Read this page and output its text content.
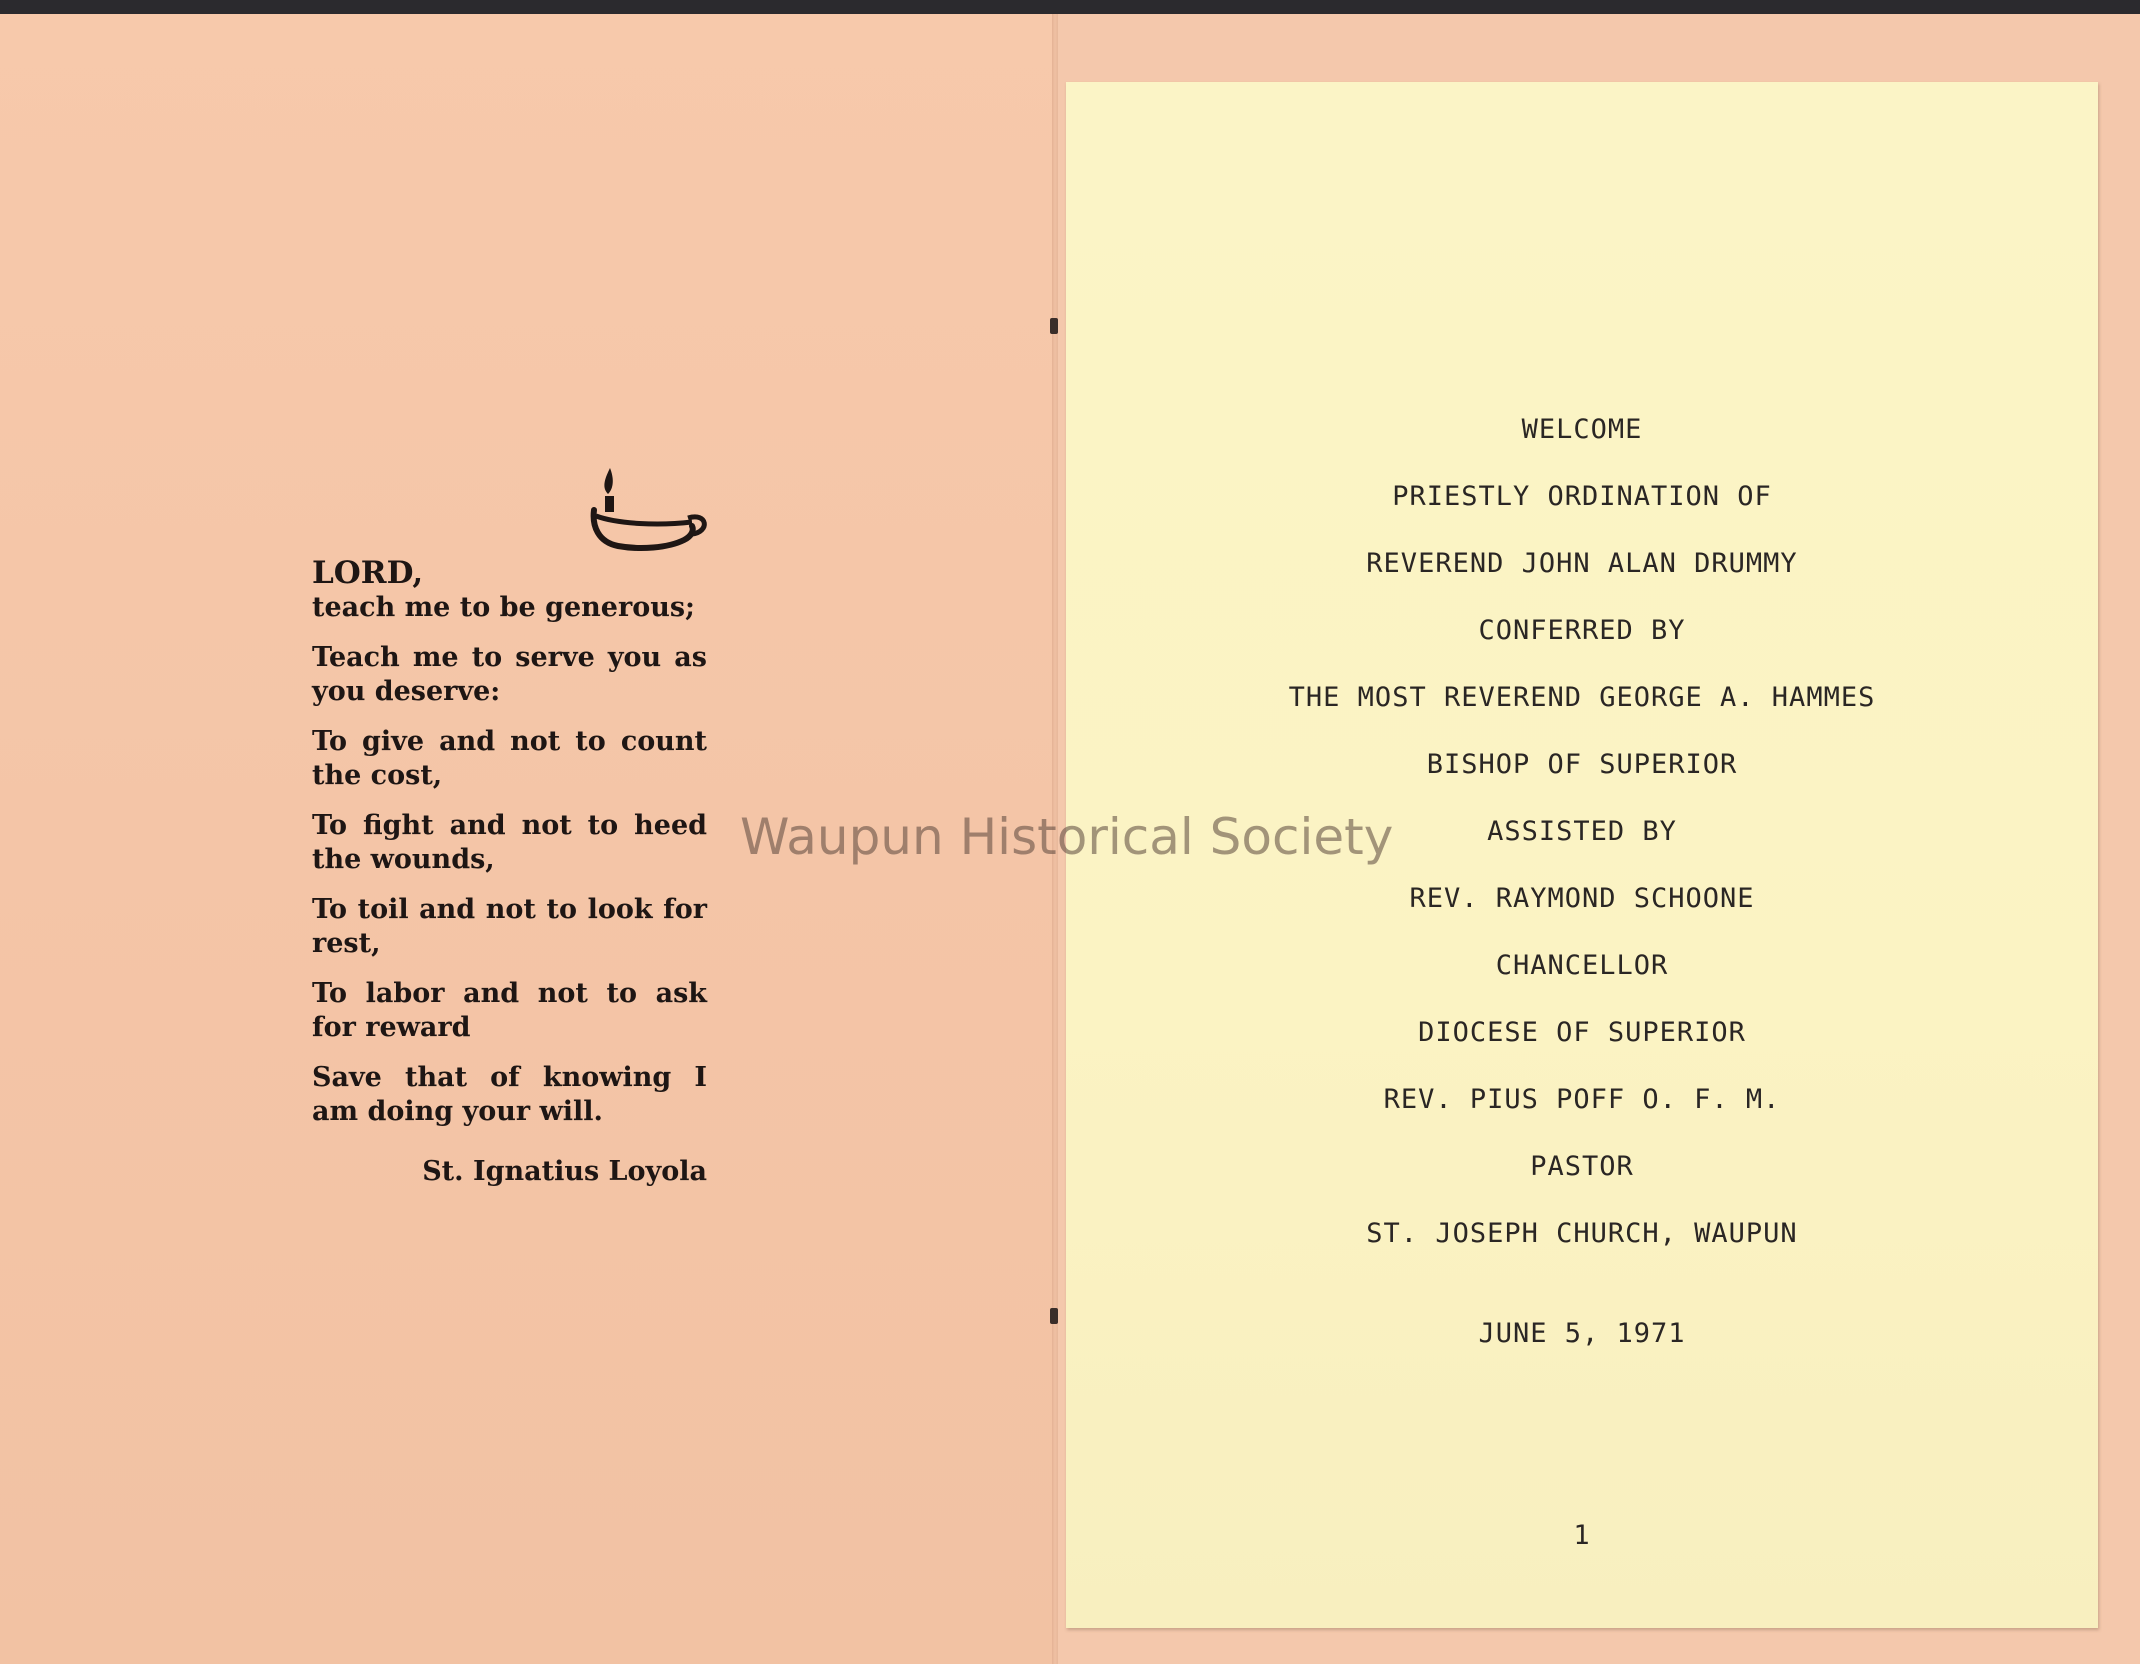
LORD,
teach me to be generous;
Teach me to serve you as you deserve:
To give and not to count the cost,
To fight and not to heed the wounds,
To toil and not to look for rest,
To labor and not to ask for reward
Save that of knowing I am doing your will.
St. Ignatius Loyola
WELCOME
PRIESTLY ORDINATION OF
REVEREND JOHN ALAN DRUMMY
CONFERRED BY
THE MOST REVEREND GEORGE A. HAMMES
BISHOP OF SUPERIOR
ASSISTED BY
REV. RAYMOND SCHOONE
CHANCELLOR
DIOCESE OF SUPERIOR
REV. PIUS POFF O. F. M.
PASTOR
ST. JOSEPH CHURCH, WAUPUN
JUNE 5, 1971
1
Waupun Historical Society
